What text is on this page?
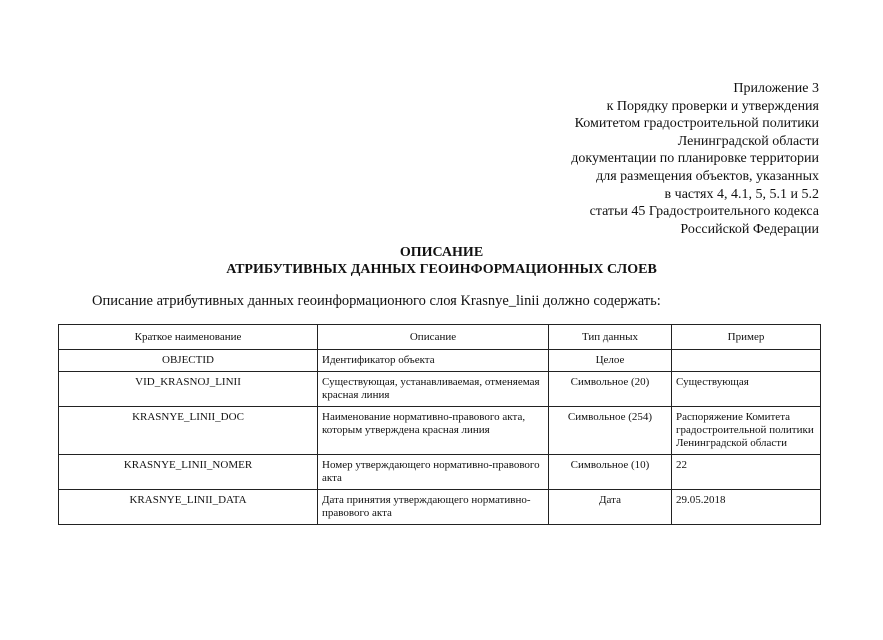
Приложение 3
к Порядку проверки и утверждения
Комитетом градостроительной политики
Ленинградской области
документации по планировке территории
для размещения объектов, указанных
в частях 4, 4.1, 5, 5.1 и 5.2
статьи 45 Градостроительного кодекса
Российской Федерации
ОПИСАНИЕ
АТРИБУТИВНЫХ ДАННЫХ ГЕОИНФОРМАЦИОННЫХ СЛОЕВ
Описание атрибутивных данных геоинформационюго слоя Krasnye_linii должно содержать:
Краткое наименование	Описание	Тип данных	Пример
OBJECTID	Идентификатор объекта	Целое	
VID_KRASNOJ_LINII	Существующая, устанавливаемая, отменяемая красная линия	Символьное (20)	Существующая
KRASNYE_LINII_DOC	Наименование нормативно-правового акта, которым утверждена красная линия	Символьное (254)	Распоряжение Комитета градостроительной политики Ленинградской области
KRASNYE_LINII_NOMER	Номер утверждающего нормативно-правового акта	Символьное (10)	22
KRASNYE_LINII_DATA	Дата принятия утверждающего нормативно-правового акта	Дата	29.05.2018
